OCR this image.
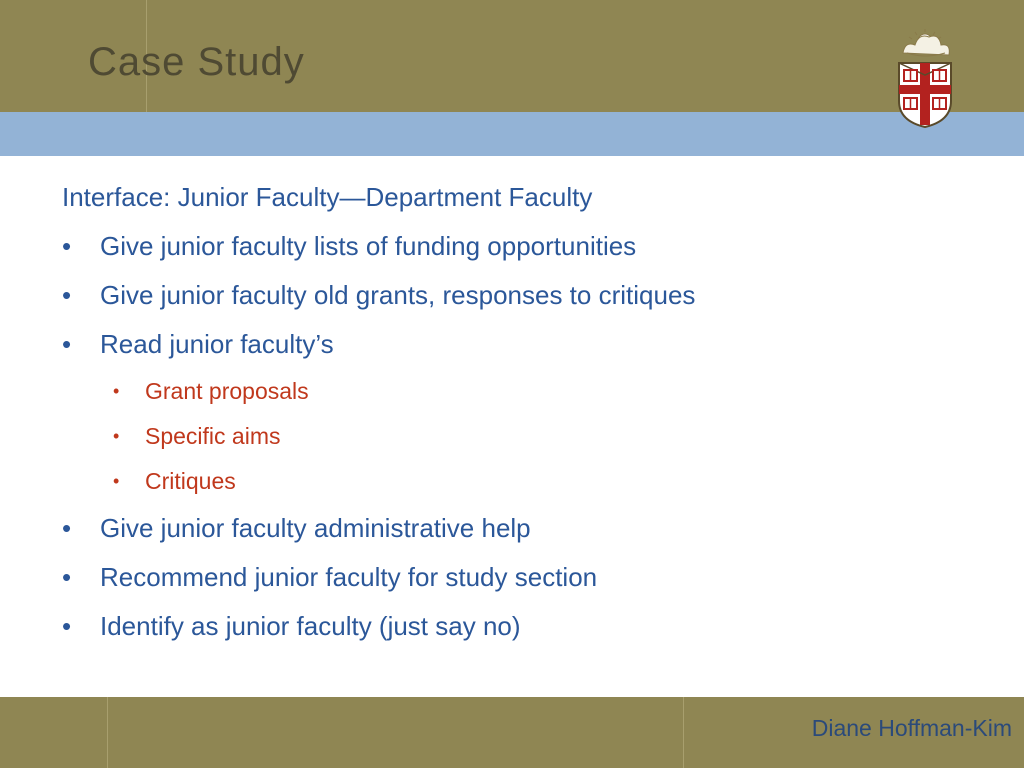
Case Study
Interface: Junior Faculty—Department Faculty
• Give junior faculty lists of funding opportunities
• Give junior faculty old grants, responses to critiques
• Read junior faculty’s
• Grant proposals
• Specific aims
• Critiques
• Give junior faculty administrative help
• Recommend junior faculty for study section
• Identify as junior faculty (just say no)
Diane Hoffman-Kim
